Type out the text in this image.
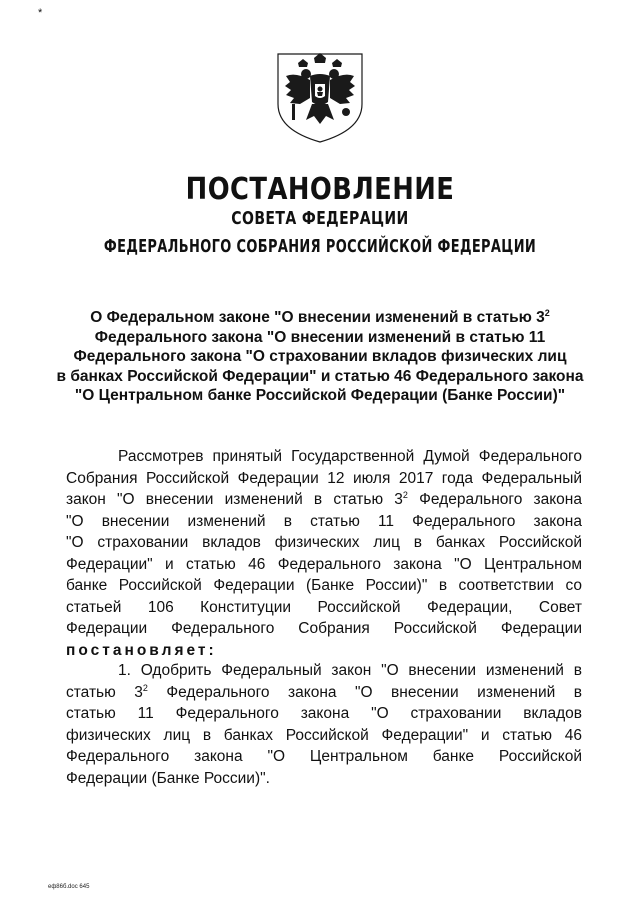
*
ПОСТАНОВЛЕНИЕ
СОВЕТА ФЕДЕРАЦИИ
ФЕДЕРАЛЬНОГО СОБРАНИЯ РОССИЙСКОЙ ФЕДЕРАЦИИ
О Федеральном законе "О внесении изменений в статью $3^2$
Федерального закона "О внесении изменений в статью 11
Федерального закона "О страховании вкладов физических лиц
в банках Российской Федерации" и статью 46 Федерального закона
"О Центральном банке Российской Федерации (Банке России)"
Рассмотрев принятый Государственной Думой Федерального
Собрания Российской Федерации 12 июля 2017 года Федеральный
закон "О внесении изменений в статью $3^2$ Федерального закона
"О внесении изменений в статью 11 Федерального закона
"О страховании вкладов физических лиц в банках Российской
Федерации" и статью 46 Федерального закона "О Центральном
банке Российской Федерации (Банке России)" в соответствии со
статьей 106 Конституции Российской Федерации, Совет
Федерации Федерального Собрания Российской Федерации
постановляет:
1. Одобрить Федеральный закон "О внесении изменений в
статью $3^2$ Федерального закона "О внесении изменений в
статью 11 Федерального закона "О страховании вкладов
физических лиц в банках Российской Федерации" и статью 46
Федерального закона "О Центральном банке Российской
Федерации (Банке России)".
еф86б.doc 645
